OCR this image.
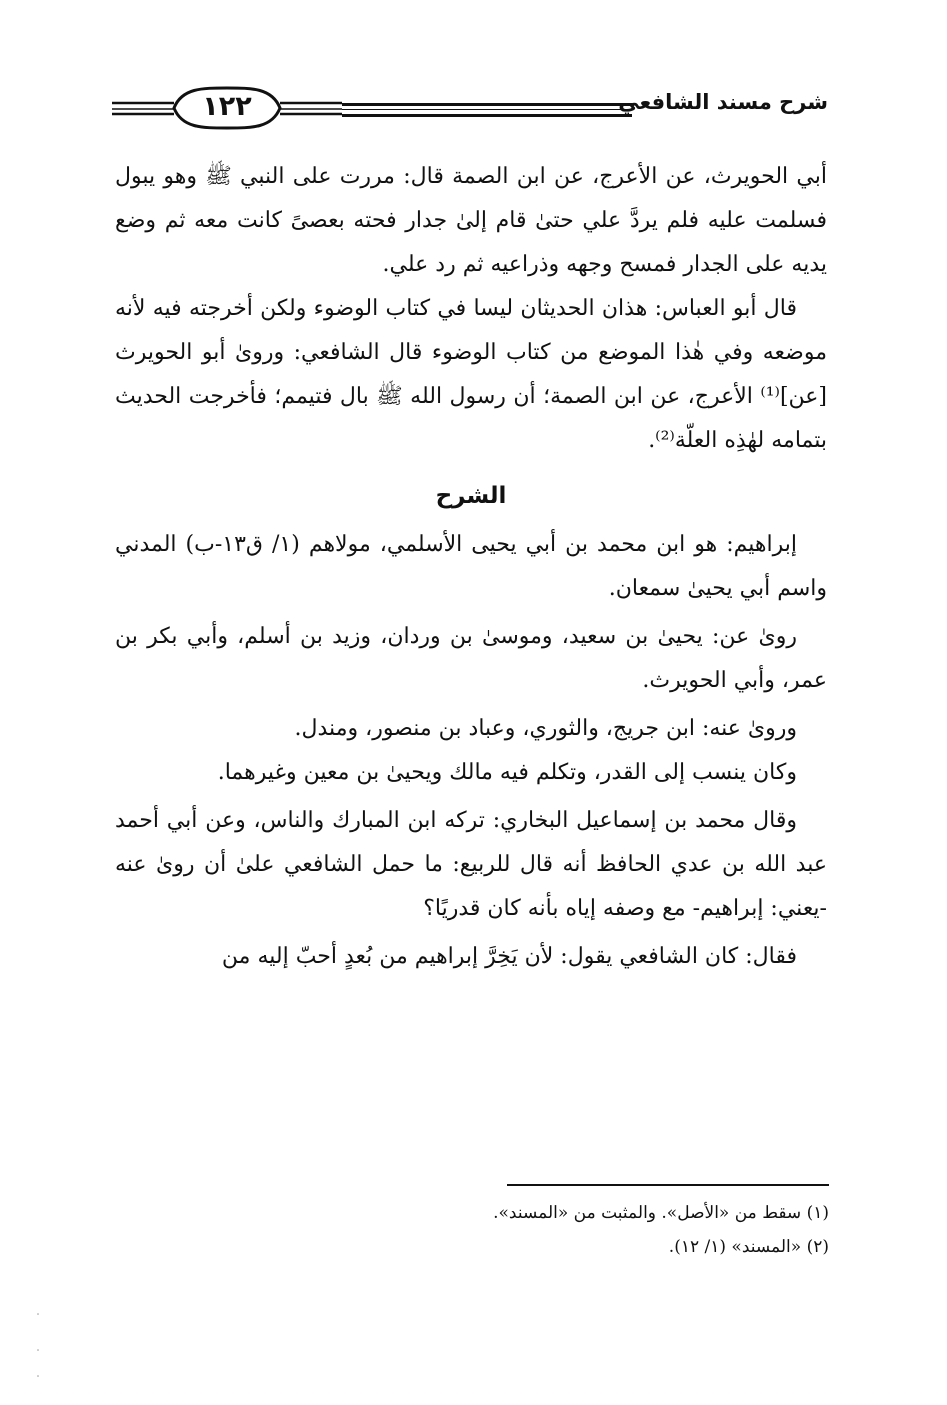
١٢٢	شرح مسند الشافعي

أبي الحويرث، عن الأعرج، عن ابن الصمة قال: مررت على النبي ﷺ وهو يبول فسلمت عليه فلم يردَّ علي حتىٰ قام إلىٰ جدار فحته بعصىً كانت معه ثم وضع يديه على الجدار فمسح وجهه وذراعيه ثم رد علي.

قال أبو العباس: هذان الحديثان ليسا في كتاب الوضوء ولكن أخرجته فيه لأنه موضعه وفي هٰذا الموضع من كتاب الوضوء قال الشافعي: ورویٰ أبو الحويرث [عن]⁽¹⁾ الأعرج، عن ابن الصمة؛ أن رسول الله ﷺ بال فتيمم؛ فأخرجت الحديث بتمامه لهٰذِه العلّة⁽²⁾.

الشرح

إبراهيم: هو ابن محمد بن أبي يحيى الأسلمي، مولاهم (١/ ق١٣-ب) المدني واسم أبي يحيىٰ سمعان.

رویٰ عن: يحيىٰ بن سعيد، وموسىٰ بن وردان، وزيد بن أسلم، وأبي بكر بن عمر، وأبي الحويرث.

ورویٰ عنه: ابن جريج، والثوري، وعباد بن منصور، ومندل.

وكان ينسب إلى القدر، وتكلم فيه مالك ويحيىٰ بن معين وغيرهما.

وقال محمد بن إسماعيل البخاري: تركه ابن المبارك والناس، وعن أبي أحمد عبد الله بن عدي الحافظ أنه قال للربيع: ما حمل الشافعي علىٰ أن رویٰ عنه -يعني: إبراهيم- مع وصفه إياه بأنه كان قدريًا؟

فقال: كان الشافعي يقول: لأن يَخِرَّ إبراهيم من بُعدٍ أحبّ إليه من

(١) سقط من «الأصل». والمثبت من «المسند».

(٢) «المسند» (١/ ١٢).
